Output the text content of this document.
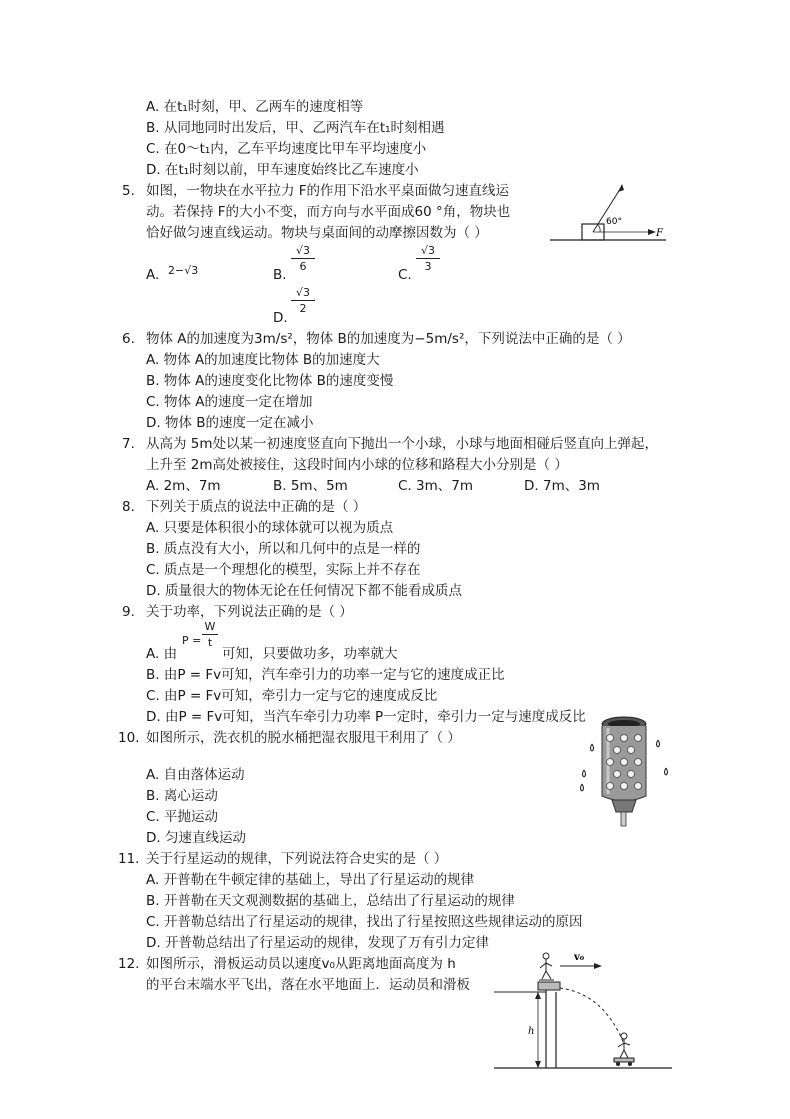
A. 在t₁时刻，甲、乙两车的速度相等
B. 从同地同时出发后，甲、乙两汽车在t₁时刻相遇
C. 在0～t₁内，乙车平均速度比甲车平均速度小
D. 在t₁时刻以前，甲车速度始终比乙车速度小
5. 如图，一物块在水平拉力 F的作用下沿水平桌面做匀速直线运
动。若保持 F的大小不变，而方向与水平面成60 °角，物块也
恰好做匀速直线运动。物块与桌面间的动摩擦因数为（ ）
60°
F
A. 2−√3	B.
√3
6
C.
√3
3
D.
√3
2
6. 物体 A的加速度为3m/s²，物体 B的加速度为−5m/s²，下列说法中正确的是（ ）
A. 物体 A的加速度比物体 B的加速度大
B. 物体 A的速度变化比物体 B的速度变慢
C. 物体 A的速度一定在增加
D. 物体 B的速度一定在减小
7. 从高为 5m处以某一初速度竖直向下抛出一个小球，小球与地面相碰后竖直向上弹起，
上升至 2m高处被接住，这段时间内小球的位移和路程大小分别是（ ）
A. 2m、7m	B. 5m、5m	C. 3m、7m	D. 7m、3m
8. 下列关于质点的说法中正确的是（ ）
A. 只要是体积很小的球体就可以视为质点
B. 质点没有大小，所以和几何中的点是一样的
C. 质点是一个理想化的模型，实际上并不存在
D. 质量很大的物体无论在任何情况下都不能看成质点
9. 关于功率，下列说法正确的是（ ）
A. 由
P =
W
t
可知，只要做功多，功率就大
B. 由P = Fv可知，汽车牵引力的功率一定与它的速度成正比
C. 由P = Fv可知，牵引力一定与它的速度成反比
D. 由P = Fv可知，当汽车牵引力功率 P一定时，牵引力一定与速度成反比
10. 如图所示，洗衣机的脱水桶把湿衣服甩干利用了（ ）
A. 自由落体运动
B. 离心运动
C. 平抛运动
D. 匀速直线运动
11. 关于行星运动的规律，下列说法符合史实的是（ ）
A. 开普勒在牛顿定律的基础上，导出了行星运动的规律
B. 开普勒在天文观测数据的基础上，总结出了行星运动的规律
C. 开普勒总结出了行星运动的规律，找出了行星按照这些规律运动的原因
D. 开普勒总结出了行星运动的规律，发现了万有引力定律
12. 如图所示，滑板运动员以速度v₀从距离地面高度为 h
的平台末端水平飞出，落在水平地面上．运动员和滑板
v₀
h
